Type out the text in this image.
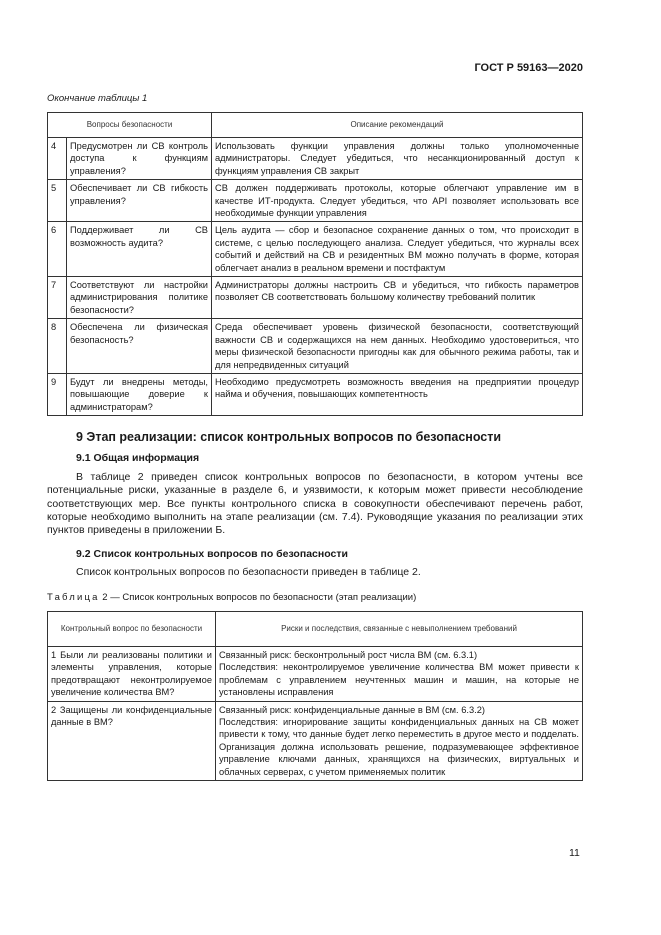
ГОСТ Р 59163—2020
Окончание таблицы 1
Вопросы безопасности		Описание рекомендаций
4	Предусмотрен ли СВ контроль доступа к функциям управления?	Использовать функции управления должны только уполномоченные администраторы. Следует убедиться, что несанкционированный доступ к функциям управления СВ закрыт
5	Обеспечивает ли СВ гибкость управления?	СВ должен поддерживать протоколы, которые облегчают управление им в качестве ИТ-продукта. Следует убедиться, что API позволяет использовать все необходимые функции управления
6	Поддерживает ли СВ возможность аудита?	Цель аудита — сбор и безопасное сохранение данных о том, что происходит в системе, с целью последующего анализа. Следует убедиться, что журналы всех событий и действий на СВ и резидентных ВМ можно получать в форме, которая облегчает анализ в реальном времени и постфактум
7	Соответствуют ли настройки администрирования политике безопасности?	Администраторы должны настроить СВ и убедиться, что гибкость параметров позволяет СВ соответствовать большому количеству требований политик
8	Обеспечена ли физическая безопасность?	Среда обеспечивает уровень физической безопасности, соответствующий важности СВ и содержащихся на нем данных. Необходимо удостовериться, что меры физической безопасности пригодны как для обычного режима работы, так и для непредвиденных ситуаций
9	Будут ли внедрены методы, повышающие доверие к администраторам?	Необходимо предусмотреть возможность введения на предприятии процедур найма и обучения, повышающих компетентность
9 Этап реализации: список контрольных вопросов по безопасности
9.1 Общая информация

В таблице 2 приведен список контрольных вопросов по безопасности, в котором учтены все потенциальные риски, указанные в разделе 6, и уязвимости, к которым может привести несоблюдение соответствующих мер. Все пункты контрольного списка в совокупности обеспечивают перечень работ, которые необходимо выполнить на этапе реализации (см. 7.4). Руководящие указания по реализации этих пунктов приведены в приложении Б.

9.2 Список контрольных вопросов по безопасности

Список контрольных вопросов по безопасности приведен в таблице 2.

Таблица 2 — Список контрольных вопросов по безопасности (этап реализации)
Контрольный вопрос по безопасности	Риски и последствия, связанные с невыполнением требований
1 Были ли реализованы политики и элементы управления, которые предотвращают неконтролируемое увеличение количества ВМ?	Связанный риск: бесконтрольный рост числа ВМ (см. 6.3.1)
Последствия: неконтролируемое увеличение количества ВМ может привести к проблемам с управлением неучтенных машин и машин, на которые не установлены исправления

2 Защищены ли конфиденциальные данные в ВМ?	Связанный риск: конфиденциальные данные в ВМ (см. 6.3.2)
Последствия: игнорирование защиты конфиденциальных данных на СВ может привести к тому, что данные будет легко переместить в другое место и подделать. Организация должна использовать решение, подразумевающее эффективное управление ключами данных, хранящихся на физических, виртуальных и облачных серверах, с учетом применяемых политик
11
